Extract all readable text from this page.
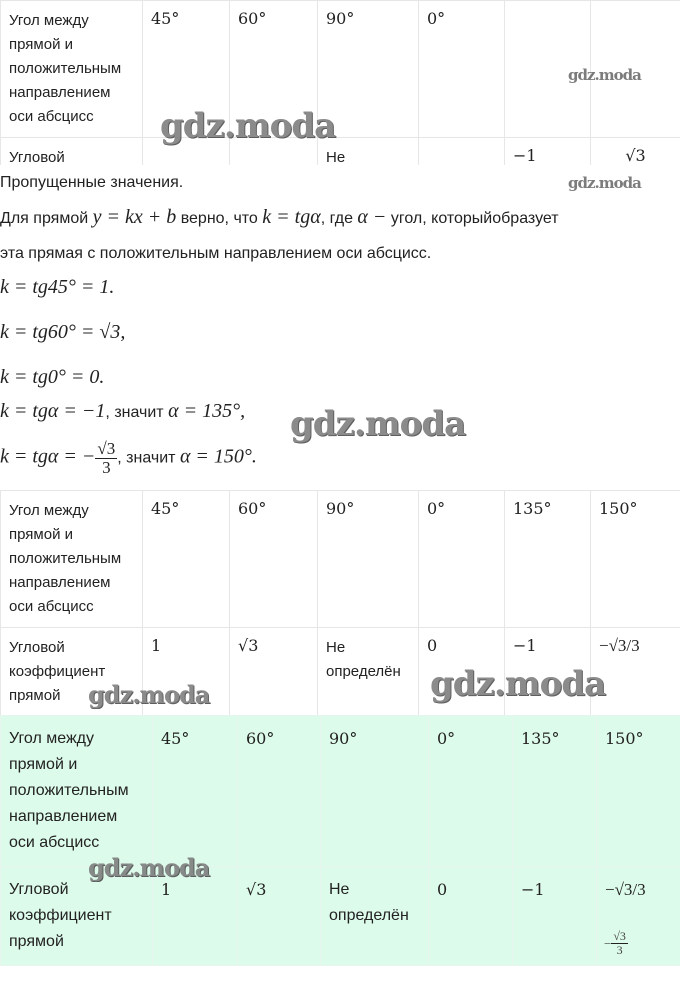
Угол между прямой и положительным направлением оси абсцисс	45°	60°	90°	0°		
Угловой			Не		−1	√3
Пропущенные значения.
Для прямой y = kx + b верно, что k = tgα, где α − угол, которыйобразует
эта прямая с положительным направлением оси абсцисс.
k = tg45° = 1.
k = tg60° = √3,
k = tg0° = 0.
k = tgα = −1, значит α = 135°,
k = tgα = − $\frac{√3}{3}$ , значит α = 150°.
Угол между прямой и положительным направлением оси абсцисс	45°	60°	90°	0°	135°	150°
Угловой коэффициент прямой	1	√3	Не определён	0	−1	−√3/3
Угол между прямой и положительным направлением оси абсцисс	45°	60°	90°	0°	135°	150°
Угловой коэффициент прямой	1	√3	Не определён	0	−1	−√3/3
− $\frac{√3}{3}$
gdz.moda
gdz.moda
gdz.moda
gdz.moda
gdz.moda	gdz.moda
gdz.moda
